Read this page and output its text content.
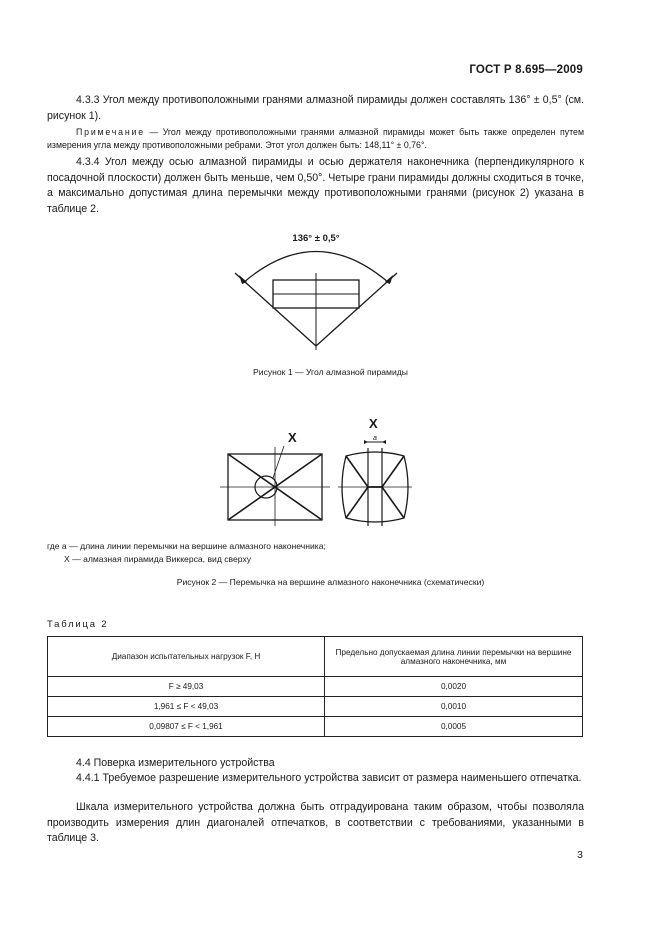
ГОСТ Р 8.695—2009
4.3.3 Угол между противоположными гранями алмазной пирамиды должен составлять 136° ± 0,5° (см. рисунок 1).
Примечание — Угол между противоположными гранями алмазной пирамиды может быть также определен путем измерения угла между противоположными ребрами. Этот угол должен быть: 148,11° ± 0,76°.
4.3.4 Угол между осью алмазной пирамиды и осью держателя наконечника (перпендикулярного к посадочной плоскости) должен быть меньше, чем 0,50°. Четыре грани пирамиды должны сходиться в точке, а максимально допустимая длина перемычки между противоположными гранями (рисунок 2) указана в таблице 2.
136° ± 0,5°
Рисунок 1 — Угол алмазной пирамиды
X
X
a
где a — длина линии перемычки на вершине алмазного наконечника;
X — алмазная пирамида Виккерса, вид сверху
Рисунок 2 — Перемычка на вершине алмазного наконечника (схематически)
Таблица 2
Диапазон испытательных нагрузок F, Н	Предельно допускаемая длина линии перемычки на вершине алмазного наконечника, мм
F ≥ 49,03	0,0020
1,961 ≤ F < 49,03	0,0010
0,09807 ≤ F < 1,961	0,0005
4.4 Поверка измерительного устройства
4.4.1 Требуемое разрешение измерительного устройства зависит от размера наименьшего отпечатка.
Шкала измерительного устройства должна быть отградуирована таким образом, чтобы позволяла производить измерения длин диагоналей отпечатков, в соответствии с требованиями, указанными в таблице 3.
3
